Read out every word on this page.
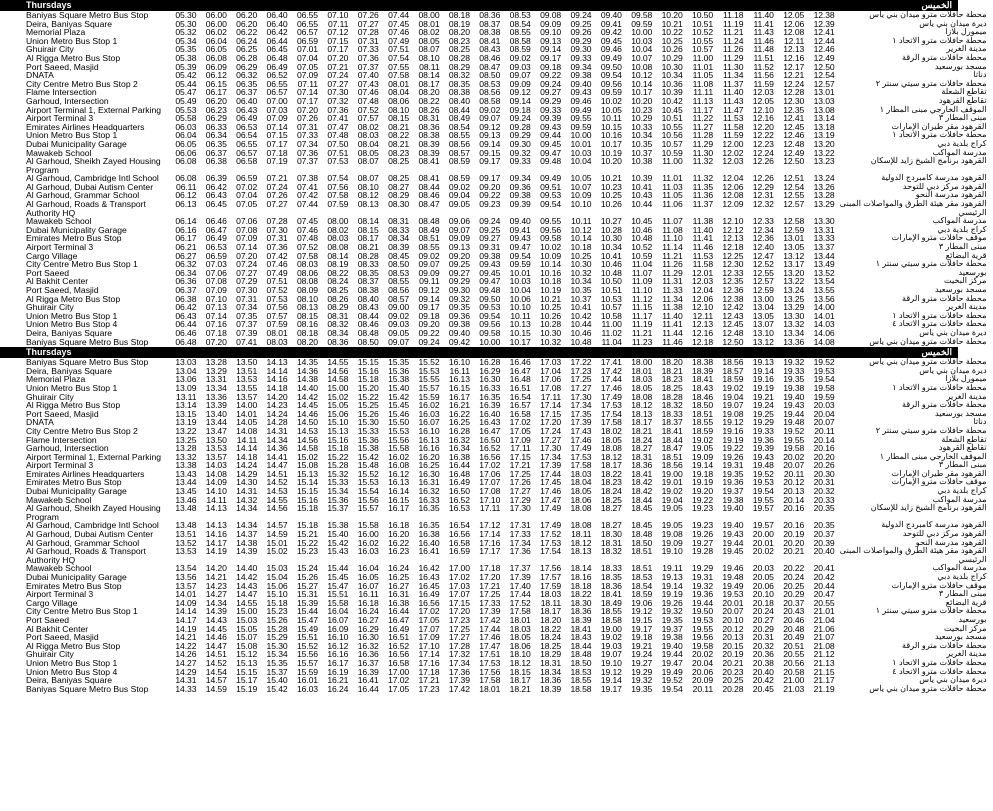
Thursdays	الخميس
Baniyas Square Metro Bus Stop	05.30	06.00	06.20	06.40	06.55	07.10	07.26	07.44	08.00	08.18	08.36	08.53	09.08	09.24	09.40	09.58	10.20	10.50	11.18	11.40	12.05	12.38	محطة حافلات مترو ميدان بني ياس
Deira, Baniyas Square	05.30	06.00	06.20	06.40	06.55	07.11	07.27	07.45	08.01	08.19	08.37	08.54	09.09	09.25	09.41	09.59	10.21	10.51	11.19	11.41	12.06	12.39	ديرة ميدان بني ياس
Memorial Plaza	05.32	06.02	06.22	06.42	06.57	07.12	07.28	07.46	08.02	08.20	08.38	08.55	09.10	09.26	09.42	10.00	10.22	10.52	11.21	11.43	12.08	12.41	ميمورل بلازا
Union Metro Bus Stop 1	05.34	06.04	06.24	06.44	06.59	07.15	07.31	07.49	08.05	08.23	08.41	08.58	09.13	09.29	09.45	10.03	10.25	10.55	11.24	11.46	12.11	12.44	محطة حافلات مترو الاتحاد ١
Ghuirair City	05.35	06.05	06.25	06.45	07.01	07.17	07.33	07.51	08.07	08.25	08.43	08.59	09.14	09.30	09.46	10.04	10.26	10.57	11.26	11.48	12.13	12.46	مدينة الغرير
Al Rigga Metro Bus Stop	05.38	06.08	06.28	06.48	07.04	07.20	07.36	07.54	08.10	08.28	08.46	09.02	09.17	09.33	09.49	10.07	10.29	11.00	11.29	11.51	12.16	12.49	محطة حافلات مترو الرقة
Port Saeed, Masjid	05.39	06.09	06.29	06.49	07.05	07.21	07.37	07.55	08.11	08.29	08.47	09.03	09.18	09.34	09.50	10.08	10.30	11.01	11.30	11.52	12.17	12.50	مسجد بورسعيد
DNATA	05.42	06.12	06.32	06.52	07.09	07.24	07.40	07.58	08.14	08.32	08.50	09.07	09.22	09.38	09.54	10.12	10.34	11.05	11.34	11.56	12.21	12.54	دناتا
City Centre Metro Bus Stop 2	05.44	06.15	06.35	06.55	07.11	07.27	07.43	08.01	08.17	08.35	08.53	09.09	09.24	09.40	09.56	10.14	10.36	11.08	11.37	11.59	12.24	12.57	محطة حافلات مترو سيتي سنتر ٢
Flame Intersection	05.47	06.17	06.37	06.57	07.14	07.30	07.46	08.04	08.20	08.38	08.56	09.12	09.27	09.43	09.59	10.17	10.39	11.11	11.40	12.03	12.28	13.01	تقاطع الشعلة
Garhoud, Intersection	05.49	06.20	06.40	07.00	07.17	07.32	07.48	08.06	08.22	08.40	08.58	09.14	09.29	09.46	10.02	10.20	10.42	11.13	11.43	12.05	12.30	13.03	تقاطع القرهود
Airport Terminal 1, External Parking	05.53	06.23	06.43	07.03	07.20	07.36	07.52	08.10	08.26	08.44	09.02	09.18	09.33	09.49	10.05	10.23	10.45	11.17	11.47	12.10	12.35	13.08	الموقف الخارجي مبنى المطار ١
Airport Terminal 3	05.58	06.29	06.49	07.09	07.26	07.41	07.57	08.15	08.31	08.49	09.07	09.24	09.39	09.55	10.11	10.29	10.51	11.22	11.53	12.16	12.41	13.14	مبنى المطار ٣
Emirates Airlines Headquarters	06.03	06.33	06.53	07.14	07.31	07.47	08.02	08.21	08.36	08.54	09.12	09.28	09.43	09.59	10.15	10.33	10.55	11.27	11.58	12.20	12.45	13.18	القرهود مقر طيران الإمارات
Union Metro Bus Stop 1	06.04	06.34	06.54	07.15	07.33	07.48	08.03	08.22	08.38	08.55	09.13	09.29	09.44	10.00	10.16	10.34	10.56	11.28	11.59	12.22	12.46	13.19	محطة حافلات مترو الاتحاد ١
Dubai Municipality Garage	06.05	06.35	06.55	07.17	07.34	07.50	08.04	08.21	08.39	08.56	09.14	09.30	09.45	10.01	10.17	10.35	10.57	11.29	12.00	12.23	12.48	13.20	كراج بلدية دبي
Mawakeb School	06.06	06.37	06.57	07.18	07.36	07.51	08.05	08.23	08.39	08.57	09.15	09.32	09.47	10.03	10.19	10.37	10.59	11.30	12.02	12.24	12.49	13.22	مدرسة المواكب
Al Garhoud, Sheikh Zayed Housing Program	06.08	06.38	06.58	07.19	07.37	07.53	08.07	08.25	08.41	08.59	09.17	09.33	09.48	10.04	10.20	10.38	11.00	11.32	12.03	12.26	12.50	13.23	القرهود برنامج الشيخ زايد للإسكان
Al Garhoud, Cambridge Intl School	06.08	06.39	06.59	07.21	07.38	07.54	08.07	08.25	08.41	08.59	09.17	09.34	09.49	10.05	10.21	10.39	11.01	11.32	12.04	12.26	12.51	13.24	القرهود مدرسة كامبردج الدولية
Al Garhoud, Dubai Autism Center	06.11	06.42	07.02	07.24	07.41	07.56	08.10	08.27	08.44	09.02	09.20	09.36	09.51	10.07	10.23	10.41	11.03	11.35	12.06	12.29	12.54	13.26	القرهود مركز دبي للتوحد
Al Garhoud, Grammar School	06.12	06.43	07.04	07.26	07.42	07.58	08.12	08.29	08.46	09.04	09.22	09.38	09.53	10.09	10.25	10.43	11.05	11.36	12.08	12.31	12.55	13.28	القرهود مدرسة النحو
Al Garhoud, Roads & Transport Authority HQ	06.13	06.45	07.05	07.27	07.44	07.59	08.13	08.30	08.47	09.05	09.23	09.39	09.54	10.10	10.26	10.44	11.06	11.37	12.09	12.32	12.57	13.29	القرهود مقر هيئة الطرق والمواصلات المبنى الرئيسي
Mawakeb School	06.14	06.46	07.06	07.28	07.45	08.00	08.14	08.31	08.48	09.06	09.24	09.40	09.55	10.11	10.27	10.45	11.07	11.38	12.10	12.33	12.58	13.30	مدرسة المواكب
Dubai Municipality Garage	06.16	06.47	07.08	07.30	07.46	08.02	08.15	08.33	08.49	09.07	09.25	09.41	09.56	10.12	10.28	10.46	11.08	11.40	12.12	12.34	12.59	13.31	كراج بلدية دبي
Emirates Metro Bus Stop	06.17	06.49	07.09	07.31	07.48	08.03	08.17	08.34	08.51	09.09	09.27	09.43	09.58	10.14	10.30	10.48	11.10	11.41	12.13	12.36	13.01	13.33	موقف حافلات مترو الإمارات
Airport Terminal 3	06.21	06.53	07.14	07.36	07.52	08.08	08.21	08.39	08.55	09.13	09.31	09.47	10.02	10.18	10.34	10.52	11.14	11.46	12.18	12.40	13.05	13.37	مبنى المطار ٣
Cargo Village	06.27	06.59	07.20	07.42	07.58	08.14	08.28	08.45	09.02	09.20	09.38	09.54	10.09	10.25	10.41	10.59	11.21	11.53	12.25	12.47	13.12	13.44	قرية البضائع
City Centre Metro Bus Stop 1	06.32	07.03	07.24	07.46	08.03	08.19	08.33	08.50	09.07	09.25	09.43	09.59	10.14	10.30	10.46	11.04	11.26	11.58	12.30	12.52	13.17	13.49	محطة حافلات مترو سيتي سنتر ١
Port Saeed	06.34	07.06	07.27	07.49	08.06	08.22	08.35	08.53	09.09	09.27	09.45	10.01	10.16	10.32	10.48	11.07	11.29	12.01	12.33	12.55	13.20	13.52	بورسعيد
Al Bakhit Center	06.36	07.08	07.29	07.51	08.08	08.24	08.37	08.55	09.11	09.29	09.47	10.03	10.18	10.34	10.50	11.09	11.31	12.03	12.35	12.57	13.22	13.54	مركز البخيت
Port Saeed, Masjid	06.37	07.09	07.30	07.52	08.09	08.25	08.38	08.56	09.12	09.30	09.48	10.04	10.19	10.35	10.51	11.10	11.33	12.04	12.36	12.59	13.24	13.55	مسجد بورسعيد
Al Rigga Metro Bus Stop	06.38	07.10	07.31	07.53	08.10	08.26	08.40	08.57	09.14	09.32	09.50	10.06	10.21	10.37	10.53	11.12	11.34	12.06	12.38	13.00	13.25	13.56	محطة حافلات مترو الرقة
Ghuirair City	06.42	07.13	07.34	07.56	08.13	08.29	08.43	09.00	09.17	09.35	09.53	10.10	10.25	10.41	10.57	11.15	11.38	12.10	12.42	13.04	13.29	14.00	مدينة الغرير
Union Metro Bus Stop 1	06.43	07.14	07.35	07.57	08.15	08.31	08.44	09.02	09.18	09.36	09.54	10.11	10.26	10.42	10.58	11.17	11.40	12.11	12.43	13.05	13.30	14.01	محطة حافلات مترو الاتحاد ١
Union Metro Bus Stop 4	06.44	07.16	07.37	07.59	08.16	08.32	08.46	09.03	09.20	09.38	09.56	10.13	10.28	10.44	11.00	11.19	11.41	12.13	12.45	13.07	13.32	14.03	محطة حافلات مترو الاتحاد ٤
Deira, Baniyas Square	06.46	07.18	07.39	08.01	08.18	08.34	08.48	09.05	09.22	09.40	09.58	10.15	10.30	10.46	11.02	11.21	11.44	12.16	12.48	13.10	13.34	14.06	ديرة ميدان بني ياس
Baniyas Square Metro Bus Stop	06.48	07.20	07.41	08.03	08.20	08.36	08.50	09.07	09.24	09.42	10.00	10.17	10.32	10.48	11.04	11.23	11.46	12.18	12.50	13.12	13.36	14.08	محطة حافلات مترو ميدان بني ياس
Thursdays	الخميس
Baniyas Square Metro Bus Stop	13.03	13.28	13.50	14.13	14.35	14.55	15.15	15.35	15.52	16.10	16.28	16.46	17.03	17.22	17.41	18.00	18.20	18.38	18.56	19.13	19.32	19.52	محطة حافلات مترو ميدان بني ياس
Deira, Baniyas Square	13.04	13.29	13.51	14.14	14.36	14.56	15.16	15.36	15.53	16.11	16.29	16.47	17.04	17.23	17.42	18.01	18.21	18.39	18.57	19.14	19.33	19.53	ديرة ميدان بني ياس
Memorial Plaza	13.06	13.31	13.53	14.16	14.38	14.58	15.18	15.38	15.55	16.13	16.30	16.48	17.06	17.25	17.44	18.03	18.23	18.41	18.59	19.16	19.35	19.54	ميمورل بلازا
Union Metro Bus Stop 1	13.09	13.34	13.55	14.18	14.40	15.00	15.20	15.40	15.57	16.15	16.33	16.51	17.08	17.27	17.46	18.05	18.25	18.43	19.02	19.19	19.38	19.58	محطة حافلات مترو الاتحاد ١
Ghuirair City	13.11	13.36	13.57	14.20	14.42	15.02	15.22	15.42	15.59	16.17	16.35	16.54	17.11	17.30	17.49	18.08	18.28	18.46	19.04	19.21	19.40	19.59	مدينة الغرير
Al Rigga Metro Bus Stop	13.14	13.39	14.00	14.23	14.45	15.05	15.25	15.45	16.02	16.21	16.39	16.57	17.14	17.34	17.53	18.12	18.32	18.50	19.07	19.24	19.43	20.03	محطة حافلات مترو الرقة
Port Saeed, Masjid	13.15	13.40	14.01	14.24	14.46	15.06	15.26	15.46	16.03	16.22	16.40	16.58	17.15	17.35	17.54	18.13	18.33	18.51	19.08	19.25	19.44	20.04	مسجد بورسعيد
DNATA	13.19	13.44	14.05	14.28	14.50	15.10	15.30	15.50	16.07	16.25	16.43	17.02	17.20	17.39	17.58	18.17	18.37	18.55	19.12	19.29	19.48	20.07	دناتا
City Centre Metro Bus Stop 2	13.22	13.47	14.08	14.31	14.53	15.13	15.33	15.53	16.10	16.28	16.47	17.05	17.24	17.43	18.02	18.21	18.41	18.59	19.16	19.33	19.52	20.11	محطة حافلات مترو سيتي سنتر ٢
Flame Intersection	13.25	13.50	14.11	14.34	14.56	15.16	15.36	15.56	16.13	16.32	16.50	17.09	17.27	17.46	18.05	18.24	18.44	19.02	19.19	19.36	19.55	20.14	تقاطع الشعلة
Garhoud, Intersection	13.28	13.53	14.14	14.36	14.58	15.18	15.38	15.58	16.16	16.34	16.52	17.11	17.30	17.49	18.08	18.27	18.47	19.05	19.22	19.39	19.58	20.16	تقاطع القرهود
Airport Terminal 1, External Parking	13.32	13.57	14.18	14.41	15.02	15.22	15.42	16.02	16.20	16.38	16.56	17.15	17.34	17.53	18.12	18.31	18.51	19.09	19.26	19.43	20.02	20.20	الموقف الخارجي مبنى المطار ١
Airport Terminal 3	13.38	14.03	14.24	14.47	15.08	15.28	15.48	16.08	16.25	16.44	17.02	17.21	17.39	17.58	18.17	18.36	18.56	19.14	19.31	19.48	20.07	20.26	مبنى المطار ٣
Emirates Airlines Headquarters	13.43	14.08	14.29	14.51	15.13	15.32	15.52	16.12	16.30	16.48	17.06	17.25	17.44	18.03	18.22	18.41	19.00	19.18	19.35	19.52	20.11	20.30	القرهود مقر طيران الإمارات
Emirates Metro Bus Stop	13.44	14.09	14.30	14.52	15.14	15.33	15.53	16.13	16.31	16.49	17.07	17.26	17.45	18.04	18.23	18.42	19.01	19.19	19.36	19.53	20.12	20.31	موقف حافلات مترو الإمارات
Dubai Municipality Garage	13.45	14.10	14.31	14.53	15.15	15.34	15.54	16.14	16.32	16.50	17.08	17.27	17.46	18.05	18.24	18.42	19.02	19.20	19.37	19.54	20.13	20.32	كراج بلدية دبي
Mawakeb School	13.46	14.11	14.32	14.55	15.16	15.36	15.56	16.15	16.33	16.52	17.10	17.29	17.47	18.06	18.25	18.44	19.04	19.22	19.38	19.55	20.14	20.33	مدرسة المواكب
Al Garhoud, Sheikh Zayed Housing Program	13.48	14.13	14.34	14.56	15.18	15.37	15.57	16.17	16.35	16.53	17.11	17.30	17.49	18.08	18.27	18.45	19.05	19.23	19.40	19.57	20.16	20.35	القرهود برنامج الشيخ زايد للإسكان
Al Garhoud, Cambridge Intl School	13.48	14.13	14.34	14.57	15.18	15.38	15.58	16.18	16.35	16.54	17.12	17.31	17.49	18.08	18.27	18.45	19.05	19.23	19.40	19.57	20.16	20.35	القرهود مدرسة كامبردج الدولية
Al Garhoud, Dubai Autism Center	13.51	14.16	14.37	14.59	15.21	15.40	16.00	16.20	16.38	16.56	17.14	17.33	17.52	18.11	18.30	18.48	19.08	19.26	19.43	20.00	20.19	20.37	القرهود مركز دبي للتوحد
Al Garhoud, Grammar School	13.52	14.17	14.38	15.01	15.22	15.42	16.02	16.22	16.40	16.58	17.16	17.34	17.53	18.12	18.31	18.50	19.09	19.27	19.44	20.01	20.20	20.39	القرهود مدرسة النحو
Al Garhoud, Roads & Transport Authority HQ	13.53	14.19	14.39	15.02	15.23	15.43	16.03	16.23	16.41	16.59	17.17	17.36	17.54	18.13	18.32	18.51	19.10	19.28	19.45	20.02	20.21	20.40	القرهود مقر هيئة الطرق والمواصلات المبنى الرئيسي
Mawakeb School	13.54	14.20	14.40	15.03	15.24	15.44	16.04	16.24	16.42	17.00	17.18	17.37	17.56	18.14	18.33	18.51	19.11	19.29	19.46	20.03	20.22	20.41	مدرسة المواكب
Dubai Municipality Garage	13.56	14.21	14.42	15.04	15.26	15.45	16.05	16.25	16.43	17.02	17.20	17.39	17.57	18.16	18.35	18.53	19.13	19.31	19.48	20.05	20.24	20.42	كراج بلدية دبي
Emirates Metro Bus Stop	13.57	14.23	14.43	15.06	15.27	15.47	16.07	16.27	16.45	17.03	17.21	17.40	17.59	18.18	18.36	18.54	19.14	19.32	19.49	20.06	20.25	20.44	موقف حافلات مترو الإمارات
Airport Terminal 3	14.01	14.27	14.47	15.10	15.31	15.51	16.11	16.31	16.49	17.07	17.25	17.44	18.03	18.22	18.41	18.59	19.19	19.36	19.53	20.10	20.29	20.47	مبنى المطار ٣
Cargo Village	14.09	14.34	14.55	15.18	15.39	15.58	16.18	16.38	16.56	17.15	17.33	17.52	18.11	18.30	18.49	19.06	19.26	19.44	20.01	20.18	20.37	20.55	قرية البضائع
City Centre Metro Bus Stop 1	14.14	14.39	15.00	15.23	15.44	16.04	16.24	16.44	17.02	17.20	17.39	17.58	18.17	18.36	18.55	19.12	19.32	19.50	20.07	20.24	20.43	21.01	محطة حافلات مترو سيتي سنتر ١
Port Saeed	14.17	14.43	15.03	15.26	15.47	16.07	16.27	16.47	17.05	17.23	17.42	18.01	18.20	18.39	18.58	19.15	19.35	19.53	20.10	20.27	20.46	21.04	بورسعيد
Al Bakhit Center	14.19	14.45	15.05	15.28	15.49	16.09	16.29	16.49	17.07	17.25	17.44	18.03	18.22	18.41	19.00	19.17	19.37	19.55	20.12	20.29	20.48	21.06	مركز البخيت
Port Saeed, Masjid	14.21	14.46	15.07	15.29	15.51	16.10	16.30	16.51	17.09	17.27	17.46	18.05	18.24	18.43	19.02	19.18	19.38	19.56	20.13	20.31	20.49	21.07	مسجد بورسعيد
Al Rigga Metro Bus Stop	14.22	14.47	15.08	15.30	15.52	16.12	16.32	16.52	17.10	17.28	17.47	18.06	18.25	18.44	19.03	19.21	19.40	19.58	20.15	20.32	20.51	21.08	محطة حافلات مترو الرقة
Ghuirair City	14.26	14.51	15.12	15.34	15.56	16.16	16.36	16.56	17.14	17.32	17.51	18.10	18.29	18.48	19.07	19.24	19.44	20.02	20.19	20.36	20.55	21.12	مدينة الغرير
Union Metro Bus Stop 1	14.27	14.52	15.13	15.35	15.57	16.17	16.37	16.58	17.16	17.34	17.53	18.12	18.31	18.50	19.10	19.27	19.47	20.04	20.21	20.38	20.56	21.13	محطة حافلات مترو الاتحاد ١
Union Metro Bus Stop 4	14.29	14.54	15.15	15.37	15.59	16.19	16.39	17.00	17.18	17.36	17.56	18.15	18.34	18.53	19.12	19.29	19.49	20.06	20.23	20.40	20.58	21.15	محطة حافلات مترو الاتحاد ٤
Deira, Baniyas Square	14.31	14.57	15.17	15.40	16.01	16.21	16.41	17.02	17.21	17.39	17.58	18.17	18.36	18.55	19.14	19.32	19.52	20.09	20.25	20.42	21.00	21.17	ديرة ميدان بني ياس
Baniyas Square Metro Bus Stop	14.33	14.59	15.19	15.42	16.03	16.24	16.44	17.05	17.23	17.42	18.01	18.21	18.39	18.58	19.17	19.35	19.54	20.11	20.28	20.45	21.03	21.19	محطة حافلات مترو ميدان بني ياس
